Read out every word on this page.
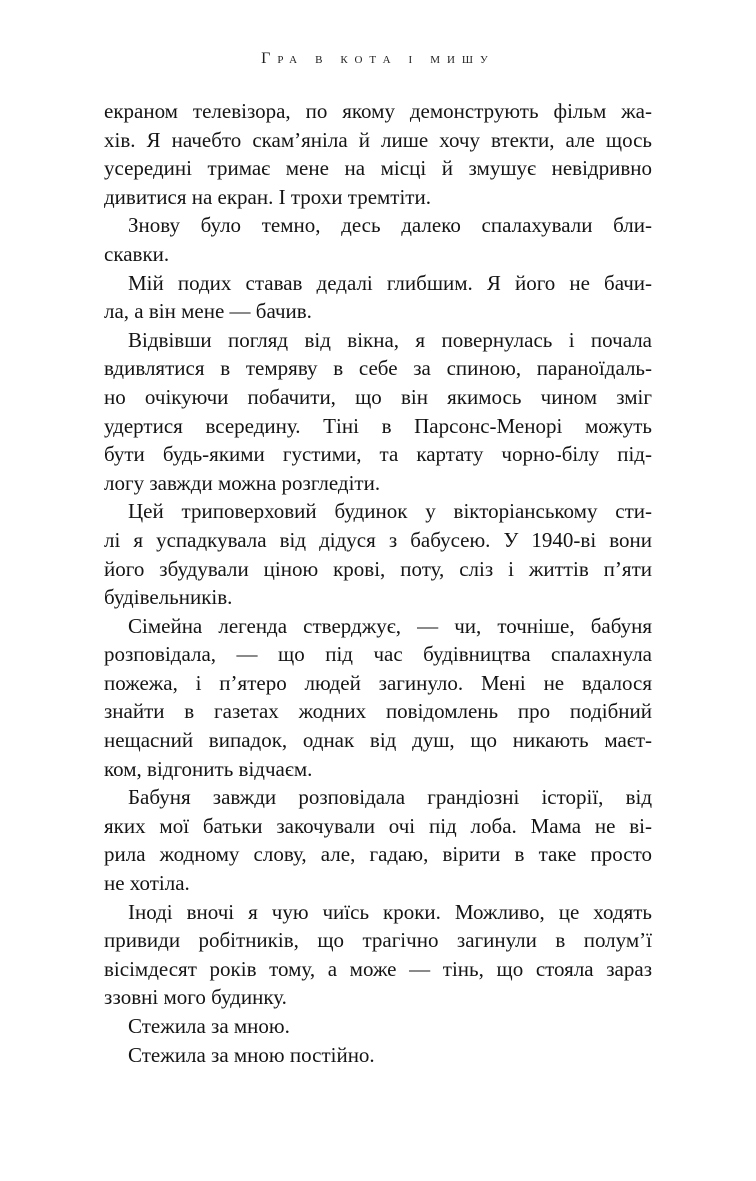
Гра в кота і мишу
екраном телевізора, по якому демонструють фільм жа-
хів. Я начебто скам’яніла й лише хочу втекти, але щось
усередині тримає мене на місці й змушує невідривно
дивитися на екран. І трохи тремтіти.
Знову було темно, десь далеко спалахували бли-
скавки.
Мій подих ставав дедалі глибшим. Я його не бачи-
ла, а він мене — бачив.
Відвівши погляд від вікна, я повернулась і почала
вдивлятися в темряву в себе за спиною, параноїдаль-
но очікуючи побачити, що він якимось чином зміг
удертися всередину. Тіні в Парсонс-Менорі можуть
бути будь-якими густими, та картату чорно-білу під-
логу завжди можна розгледіти.
Цей триповерховий будинок у вікторіанському сти-
лі я успадкувала від дідуся з бабусею. У 1940-ві вони
його збудували ціною крові, поту, сліз і життів п’яти
будівельників.
Сімейна легенда стверджує, — чи, точніше, бабуня
розповідала, — що під час будівництва спалахнула
пожежа, і п’ятеро людей загинуло. Мені не вдалося
знайти в газетах жодних повідомлень про подібний
нещасний випадок, однак від душ, що никають маєт-
ком, відгонить відчаєм.
Бабуня завжди розповідала грандіозні історії, від
яких мої батьки закочували очі під лоба. Мама не ві-
рила жодному слову, але, гадаю, вірити в таке просто
не хотіла.
Іноді вночі я чую чиїсь кроки. Можливо, це ходять
привиди робітників, що трагічно загинули в полум’ї
вісімдесят років тому, а може — тінь, що стояла зараз
ззовні мого будинку.
Стежила за мною.
Стежила за мною постійно.
